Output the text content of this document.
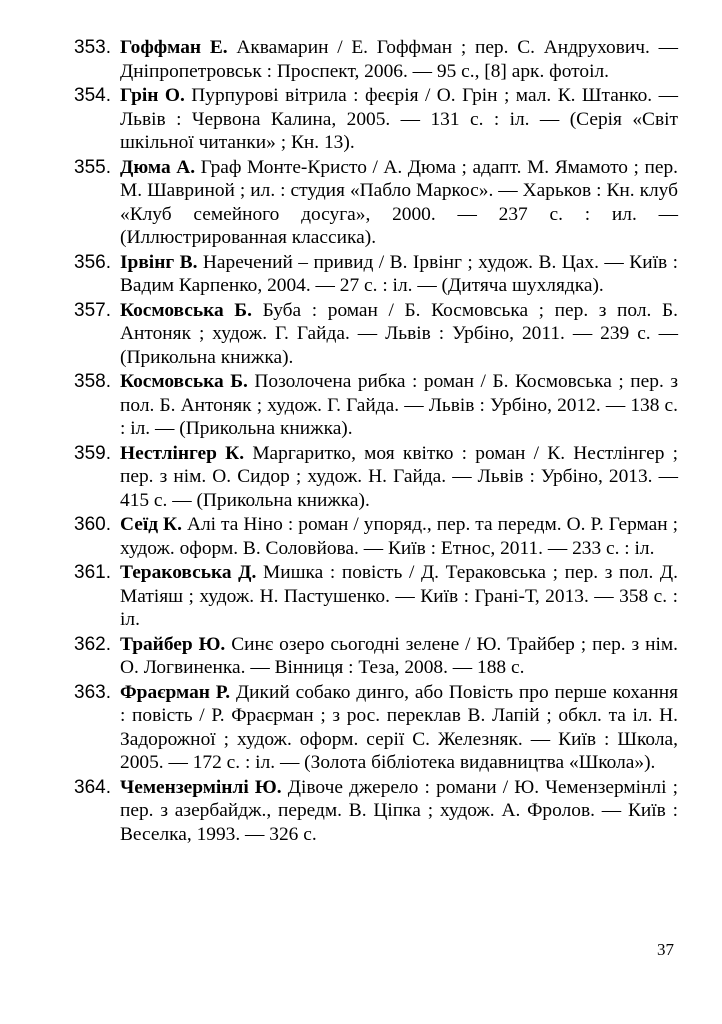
353. Гоффман Е. Аквамарин / Е. Гоффман ; пер. С. Андрухович. — Дніпропетровськ : Проспект, 2006. — 95 с., [8] арк. фотоіл.
354. Грін О. Пурпурові вітрила : феєрія / О. Грін ; мал. К. Штанко. — Львів : Червона Калина, 2005. — 131 с. : іл. — (Серія «Світ шкільної читанки» ; Кн. 13).
355. Дюма А. Граф Монте-Кристо / А. Дюма ; адапт. М. Ямамото ; пер. М. Шавриной ; ил. : студия «Пабло Маркос». — Харьков : Кн. клуб «Клуб семейного досуга», 2000. — 237 с. : ил. — (Иллюстрированная классика).
356. Ірвінг В. Наречений – привид / В. Ірвінг ; худож. В. Цах. — Київ : Вадим Карпенко, 2004. — 27 с. : іл. — (Дитяча шухлядка).
357. Космовська Б. Буба : роман / Б. Космовська ; пер. з пол. Б. Антоняк ; худож. Г. Гайда. — Львів : Урбіно, 2011. — 239 с. — (Прикольна книжка).
358. Космовська Б. Позолочена рибка : роман / Б. Космовська ; пер. з пол. Б. Антоняк ; худож. Г. Гайда. — Львів : Урбіно, 2012. — 138 с. : іл. — (Прикольна книжка).
359. Нестлінгер К. Маргаритко, моя квітко : роман / К. Нестлінгер ; пер. з нім. О. Сидор ; худож. Н. Гайда. — Львів : Урбіно, 2013. — 415 с. — (Прикольна книжка).
360. Сеїд К. Алі та Ніно : роман / упоряд., пер. та передм. О. Р. Герман ; худож. оформ. В. Соловйова. — Київ : Етнос, 2011. — 233 с. : іл.
361. Тераковська Д. Мишка : повість / Д. Тераковська ; пер. з пол. Д. Матіяш ; худож. Н. Пастушенко. — Київ : Грані-Т, 2013. — 358 с. : іл.
362. Трайбер Ю. Синє озеро сьогодні зелене / Ю. Трайбер ; пер. з нім. О. Логвиненка. — Вінниця : Теза, 2008. — 188 с.
363. Фраєрман Р. Дикий собако динго, або Повість про перше кохання : повість / Р. Фраєрман ; з рос. переклав В. Лапій ; обкл. та іл. Н. Задорожної ; худож. оформ. серії С. Железняк. — Київ : Школа, 2005. — 172 с. : іл. — (Золота бібліотека видавництва «Школа»).
364. Чемензермінлі Ю. Дівоче джерело : романи / Ю. Чемензермінлі ; пер. з азербайдж., передм. В. Ціпка ; худож. А. Фролов. — Київ : Веселка, 1993. — 326 с.
37
